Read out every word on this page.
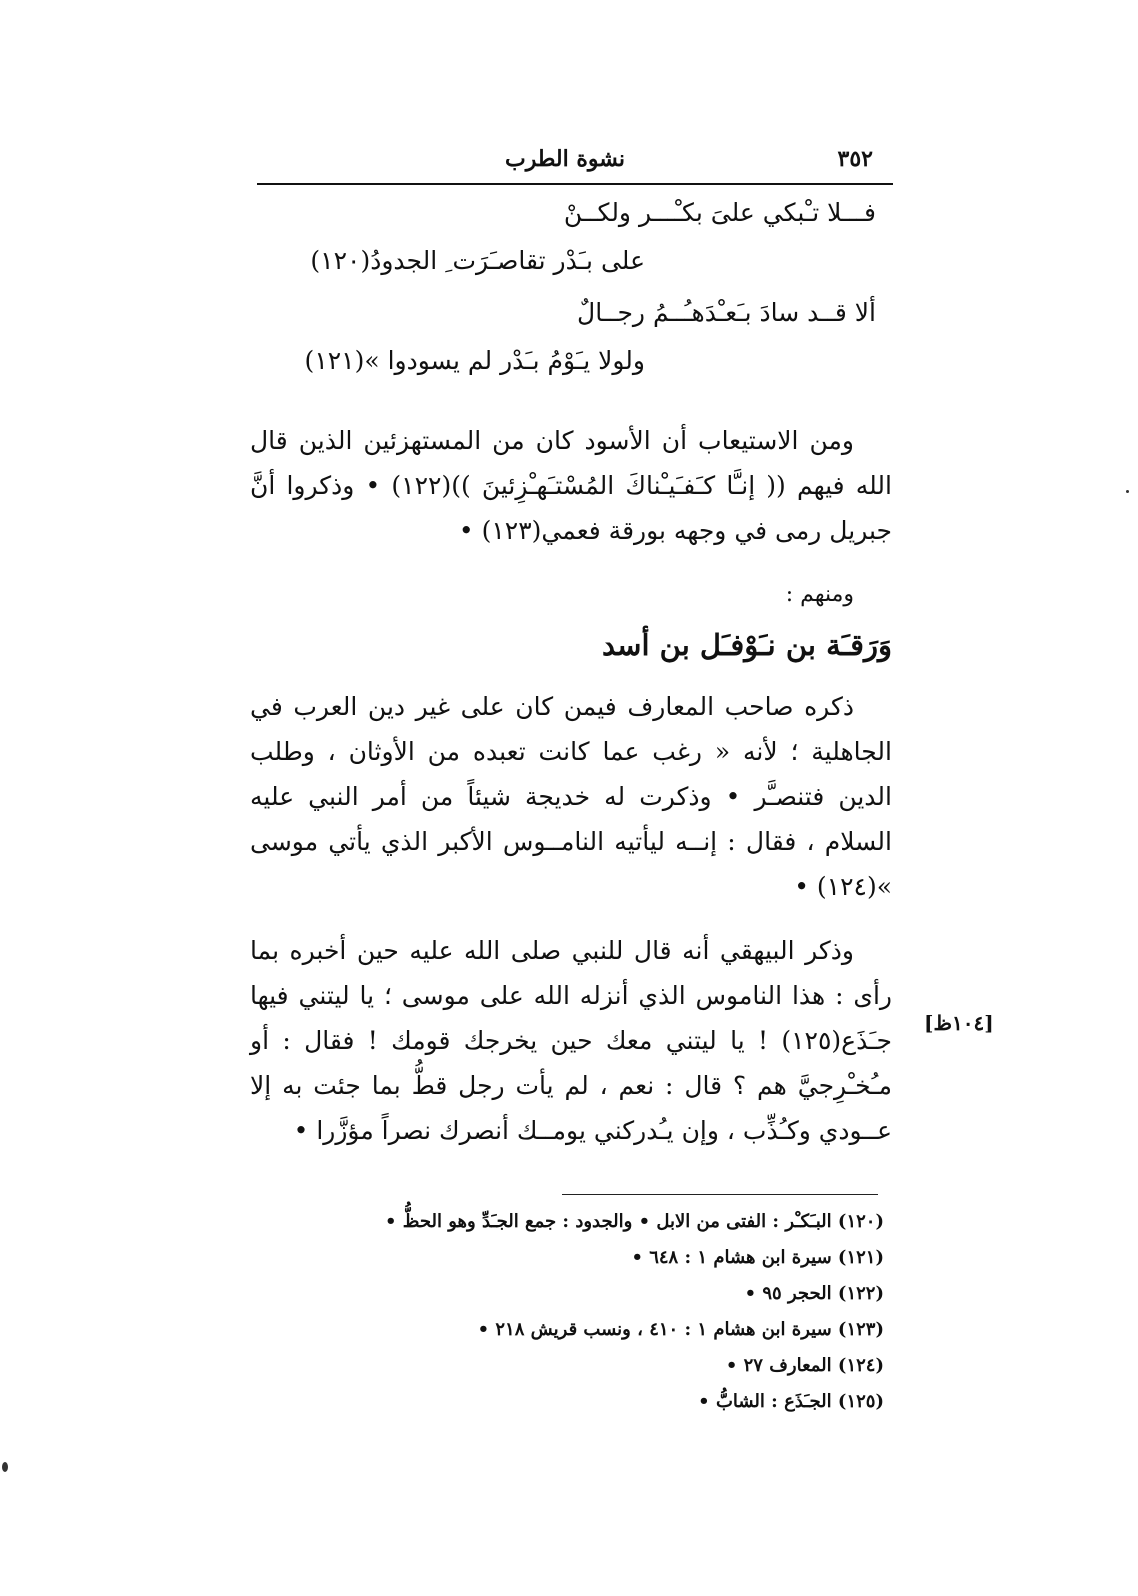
٣٥٢
نشوة الطرب
فـــلا تـْبكي علىَ بكـْـــر ولكــنْ
على بـَدْر تقاصـَرَت ِ الجدودُ(١٢٠)
ألا قــد سادَ بـَعـْدَهـُــمُ رجــالٌ
ولولا يـَوْمُ بـَدْر لم يسودوا »(١٢١)
ومن الاستيعاب أن الأسود كان من المستهزئين الذين قال الله فيهم (( إنـَّا كـَفـَيـْناكَ المُسْتـَهـْزِئينَ ))(١٢٢) • وذكروا أنَّ جبريل رمى في وجهه بورقة فعمي(١٢٣) •
ومنهم :
وَرَقـَة بن نـَوْفـَل بن أسد
ذكره صاحب المعارف فيمن كان على غير دين العرب في الجاهلية ؛ لأنه « رغب عما كانت تعبده من الأوثان ، وطلب الدين فتنصـَّر • وذكرت له خديجة شيئاً من أمر النبي عليه السلام ، فقال : إنــه ليأتيه النامــوس الأكبر الذي يأتي موسى »(١٢٤) •
وذكر البيهقي أنه قال للنبي صلى الله عليه حين أخبره بما رأى : هذا الناموس الذي أنزله الله على موسى ؛ يا ليتني فيها جـَذَع(١٢٥) ! يا ليتني معك حين يخرجك قومك ! فقال : أو مـُخـْرِجيَّ هم ؟ قال : نعم ، لم يأت رجل قطُّ بما جئت به إلا عــودي وكـُذِّب ، وإن يـُدركني يومــك أنصرك نصراً مؤزَّرا •
[١٠٤ظ]
(١٢٠) البـَكـْر : الفتى من الابل • والجدود : جمع الجـَدِّ وهو الحظُّ •
(١٢١) سيرة ابن هشام ١ : ٦٤٨ •
(١٢٢) الحجر ٩٥ •
(١٢٣) سيرة ابن هشام ١ : ٤١٠ ، ونسب قريش ٢١٨ •
(١٢٤) المعارف ٢٧ •
(١٢٥) الجـَذَع : الشابُّ •
